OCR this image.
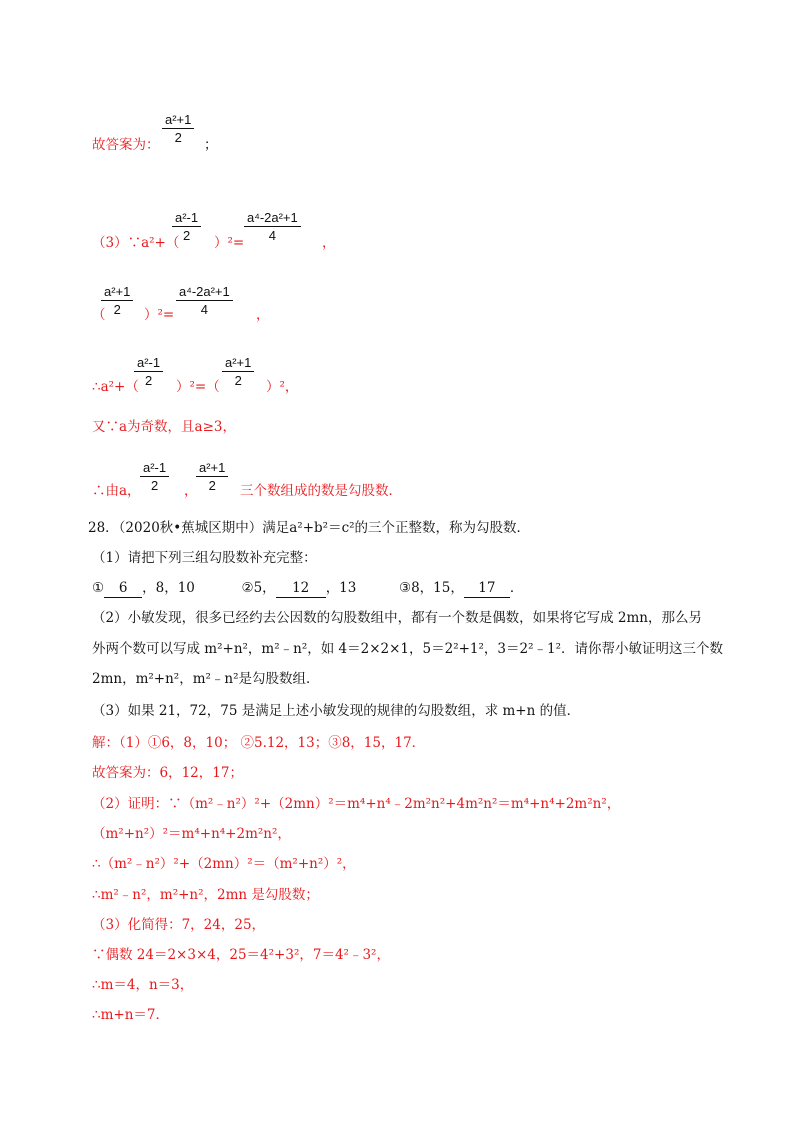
故答案为： $\frac{\text{a²+1}}{2}$ ；
（3）∵a²+（
$\frac{\text{a²-1}}{2} )^2= \frac{\text{a⁴-2a²+1}}{4}$ ，
（
$\frac{\text{a²+1}}{2} )^2= \frac{\text{a⁴-2a²+1}}{4}$ ，
∴a²+（
$\frac{\text{a²-1}}{2} )^2=( \frac{\text{a²+1}}{2} )^2$，
又∵a为奇数，且a≥3，
∴由a， $\frac{\text{a²-1}}{2}$ ，
$\frac{\text{a²+1}}{2}$ 三个数组成的数是勾股数．
28．（2020秋•蕉城区期中）满足a²+b²＝c²的三个正整数，称为勾股数．
（1）请把下列三组勾股数补充完整：
① 6 ，8，10	②5， 12 ，13	③8，15， 17 ．
（2）小敏发现，很多已经约去公因数的勾股数组中，都有一个数是偶数，如果将它写成 2mn，那么另
外两个数可以写成 m²+n²，m²﹣n²，如 4＝2×2×1，5＝2²+1²，3＝2²﹣1²．请你帮小敏证明这三个数
2mn，m²+n²，m²﹣n²是勾股数组．
（3）如果 21，72，75 是满足上述小敏发现的规律的勾股数组，求 m+n 的值．
解：（1）①6，8，10； ②5.12，13；③8，15，17．
故答案为：6，12，17；
（2）证明：∵（m²﹣n²）²+（2mn）²＝m⁴+n⁴﹣2m²n²+4m²n²＝m⁴+n⁴+2m²n²，
（m²+n²）²＝m⁴+n⁴+2m²n²，
∴（m²﹣n²）²+（2mn）²＝（m²+n²）²，
∴m²﹣n²，m²+n²，2mn 是勾股数；
（3）化简得：7，24，25，
∵偶数 24＝2×3×4，25＝4²+3²，7＝4²﹣3²，
∴m＝4，n＝3，
∴m+n＝7．
